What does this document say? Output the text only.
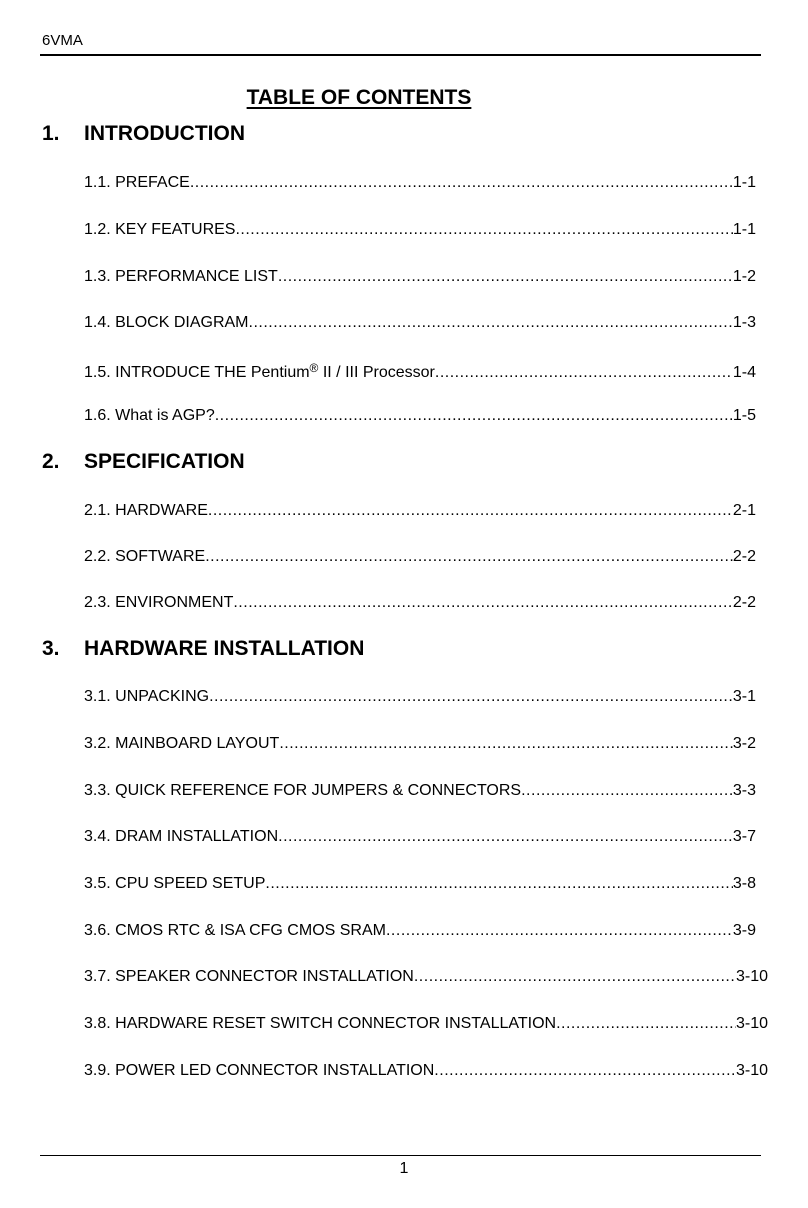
6VMA
TABLE OF CONTENTS
1. INTRODUCTION
1.1. PREFACE .....	1-1
1.2. KEY FEATURES .....	1-1
1.3. PERFORMANCE LIST .....	1-2
1.4. BLOCK DIAGRAM .....	1-3
1.5. INTRODUCE THE Pentium® II / III Processor .....	1-4
1.6. What is AGP? .....	1-5
2. SPECIFICATION
2.1. HARDWARE .....	2-1
2.2. SOFTWARE .....	2-2
2.3. ENVIRONMENT .....	2-2
3. HARDWARE INSTALLATION
3.1. UNPACKING .....	3-1
3.2. MAINBOARD LAYOUT .....	3-2
3.3. QUICK REFERENCE FOR JUMPERS & CONNECTORS .....	3-3
3.4. DRAM INSTALLATION .....	3-7
3.5. CPU SPEED SETUP .....	3-8
3.6. CMOS RTC & ISA CFG CMOS SRAM .....	3-9
3.7. SPEAKER CONNECTOR INSTALLATION .....	3-10
3.8. HARDWARE RESET SWITCH CONNECTOR INSTALLATION .....	3-10
3.9. POWER LED CONNECTOR INSTALLATION .....	3-10
1
